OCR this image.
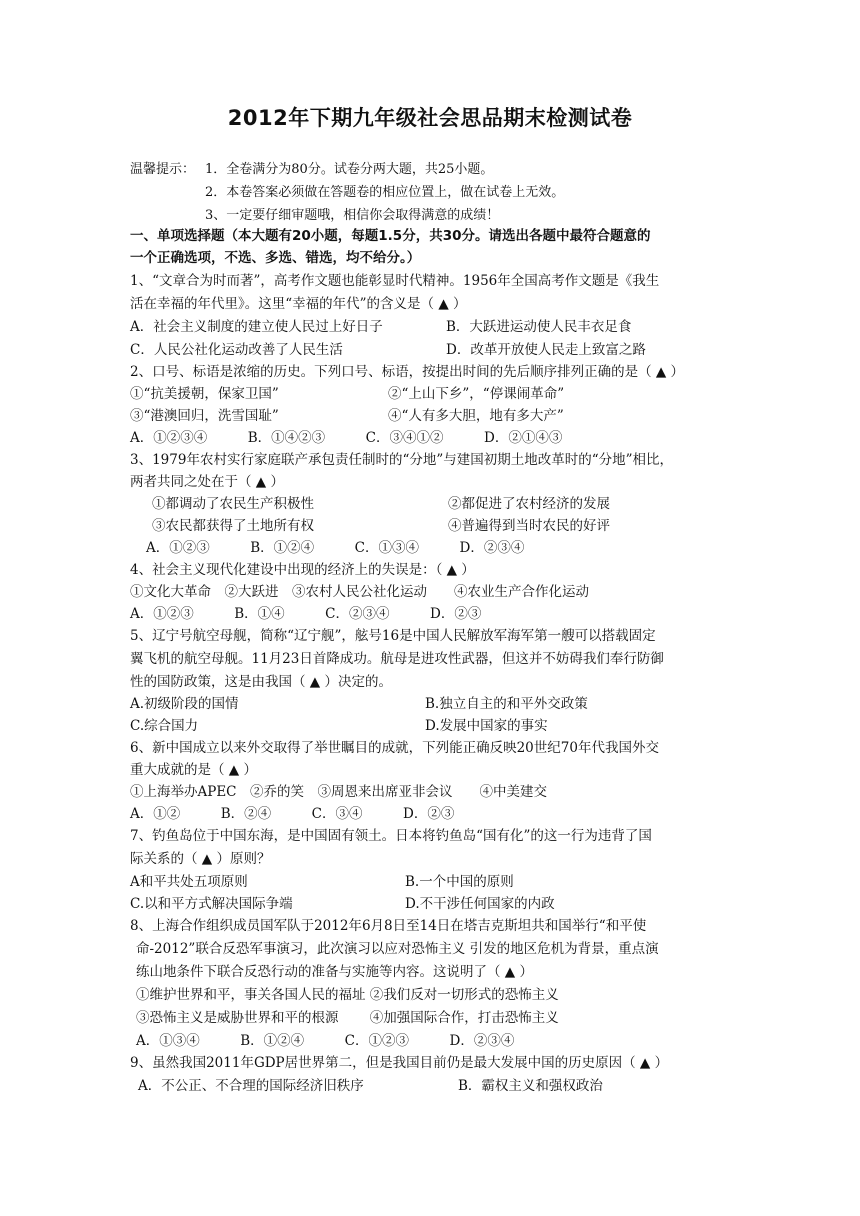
2012年下期九年级社会思品期末检测试卷
温馨提示： 1．全卷满分为80分。试卷分两大题，共25小题。
2．本卷答案必须做在答题卷的相应位置上，做在试卷上无效。
3、一定要仔细审题哦，相信你会取得满意的成绩！
一、单项选择题（本大题有20小题，每题1.5分，共30分。请选出各题中最符合题意的
一个正确选项，不选、多选、错选，均不给分。）
1、“文章合为时而著”，高考作文题也能彰显时代精神。1956年全国高考作文题是《我生
活在幸福的年代里》。这里“幸福的年代”的含义是（ ▲ ）
A．社会主义制度的建立使人民过上好日子	B．大跃进运动使人民丰衣足食
C．人民公社化运动改善了人民生活	D．改革开放使人民走上致富之路
2、口号、标语是浓缩的历史。下列口号、标语，按提出时间的先后顺序排列正确的是（ ▲ ）
①“抗美援朝，保家卫国”	②“上山下乡”，“停课闹革命”
③“港澳回归，洗雪国耻”	④“人有多大胆，地有多大产”
A．①②③④　　　B．①④②③　　　C．③④①②　　　D．②①④③
3、1979年农村实行家庭联产承包责任制时的“分地”与建国初期土地改革时的“分地”相比，
两者共同之处在于（ ▲ ）
①都调动了农民生产积极性	②都促进了农村经济的发展
③农民都获得了土地所有权	④普遍得到当时农民的好评
A．①②③　　　B．①②④　　　C．①③④　　　D．②③④
4、社会主义现代化建设中出现的经济上的失误是：（ ▲ ）
①文化大革命　②大跃进　③农村人民公社化运动　　④农业生产合作化运动
A．①②③　　　B．①④　　　C．②③④　　　D．②③
5、辽宁号航空母舰，简称“辽宁舰”，舷号16是中国人民解放军海军第一艘可以搭载固定
翼飞机的航空母舰。11月23日首降成功。航母是进攻性武器，但这并不妨碍我们奉行防御
性的国防政策，这是由我国（ ▲ ）决定的。
A.初级阶段的国情	B.独立自主的和平外交政策
C.综合国力	D.发展中国家的事实
6、新中国成立以来外交取得了举世瞩目的成就，下列能正确反映20世纪70年代我国外交
重大成就的是（ ▲ ）
①上海举办APEC　②乔的笑　③周恩来出席亚非会议　　④中美建交
A．①②　　　B．②④　　　C．③④　　　D．②③
7、钓鱼岛位于中国东海，是中国固有领土。日本将钓鱼岛“国有化”的这一行为违背了国
际关系的（ ▲ ）原则？
A和平共处五项原则	B.一个中国的原则
C.以和平方式解决国际争端	D.不干涉任何国家的内政
8、上海合作组织成员国军队于2012年6月8日至14日在塔吉克斯坦共和国举行“和平使
命-2012”联合反恐军事演习，此次演习以应对恐怖主义 引发的地区危机为背景，重点演
练山地条件下联合反恐行动的准备与实施等内容。这说明了（ ▲ ）
①维护世界和平，事关各国人民的福址 ②我们反对一切形式的恐怖主义
③恐怖主义是威胁世界和平的根源　　 ④加强国际合作，打击恐怖主义
A．①③④　　　B．①②④　　　C．①②③　　　D．②③④
9、虽然我国2011年GDP居世界第二，但是我国目前仍是最大发展中国的历史原因（ ▲ ）
A．不公正、不合理的国际经济旧秩序	B．霸权主义和强权政治
